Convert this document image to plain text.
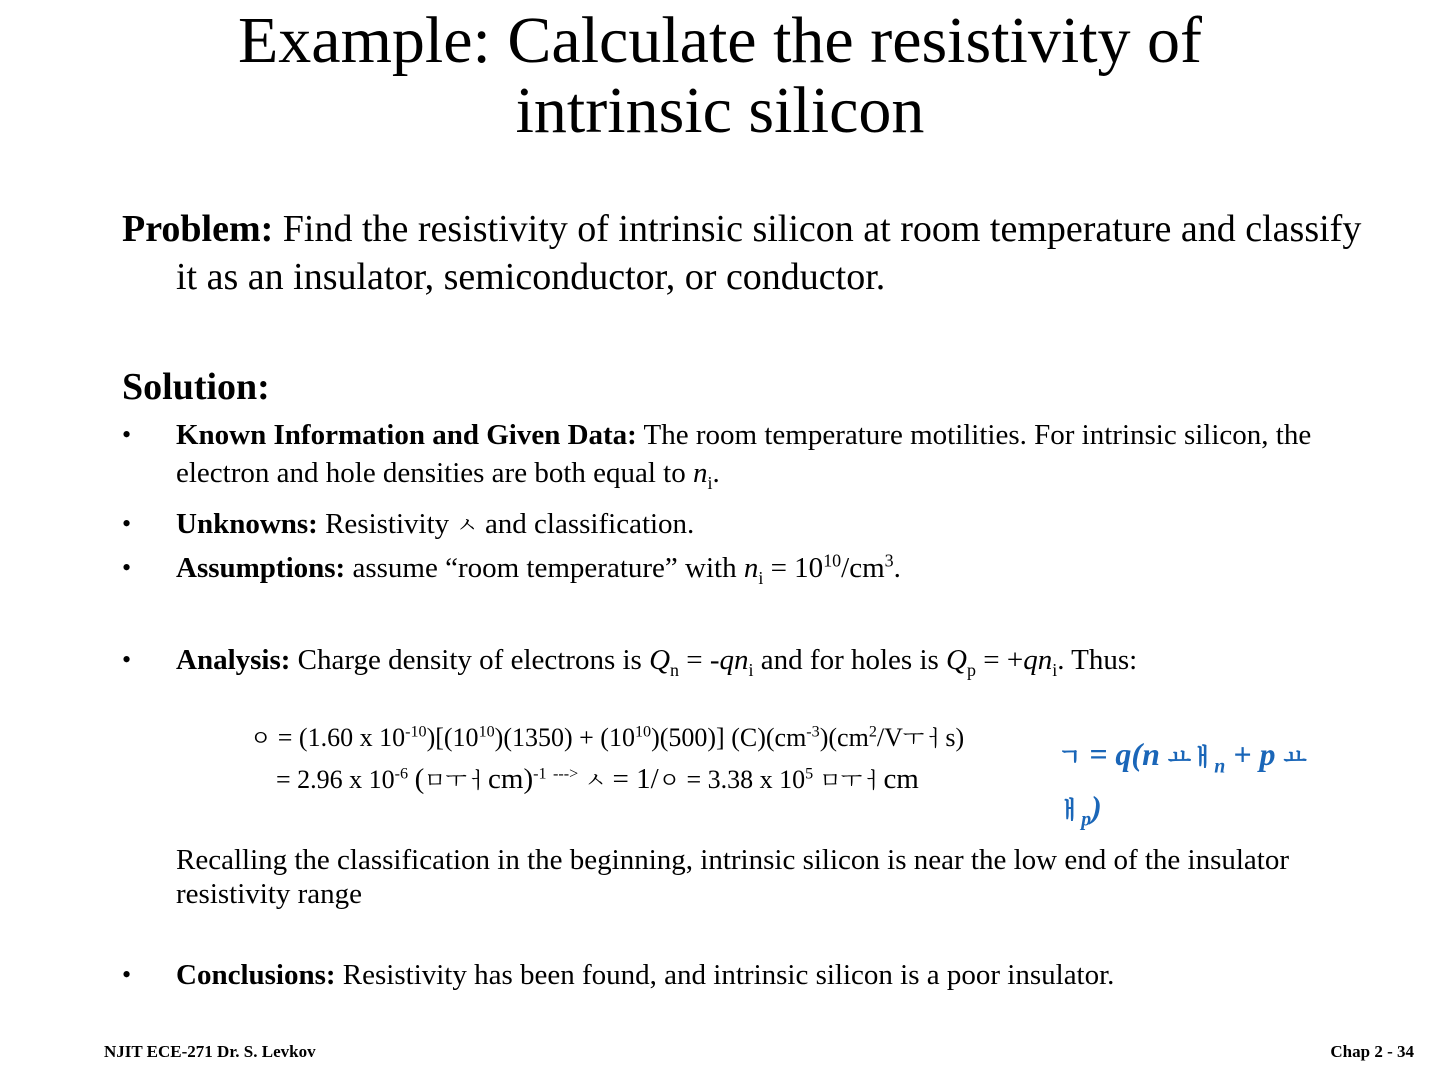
Example: Calculate the resistivity of
intrinsic silicon
Problem: Find the resistivity of intrinsic silicon at room temperature and classify it as an insulator, semiconductor, or conductor.
Solution:
• Known Information and Given Data: The room temperature motilities. For intrinsic silicon, the electron and hole densities are both equal to $n_i$.
• Unknowns: Resistivity ㅅ and classification.
• Assumptions: assume “room temperature” with $n_i = 10^{10}/cm^3$.
• Analysis: Charge density of electrons is $Q_n = -qn_i$ and for holes is $Q_p = +qn_i$. Thus:
ㅇ = (1.60 x $10^{-10})[(10^{10})(1350) + (10^{10})(500)]$ $(C)(cm^{-3})(cm^2/V$ㅜㅓs)
= 2.96 x $10^{-6}$ (ㅁㅜㅓcm)$^{-1}$ ---> ㅅ = 1/ㅇ = 3.38 x $10^5$ ㅁㅜㅓcm
ㄱ = q(n ㅛㅐ$_n$ + p ㅛㅐ$_p$)
Recalling the classification in the beginning, intrinsic silicon is near the low end of the insulator resistivity range
• Conclusions: Resistivity has been found, and intrinsic silicon is a poor insulator.
NJIT ECE-271 Dr. S. Levkov	Chap 2 - 34
